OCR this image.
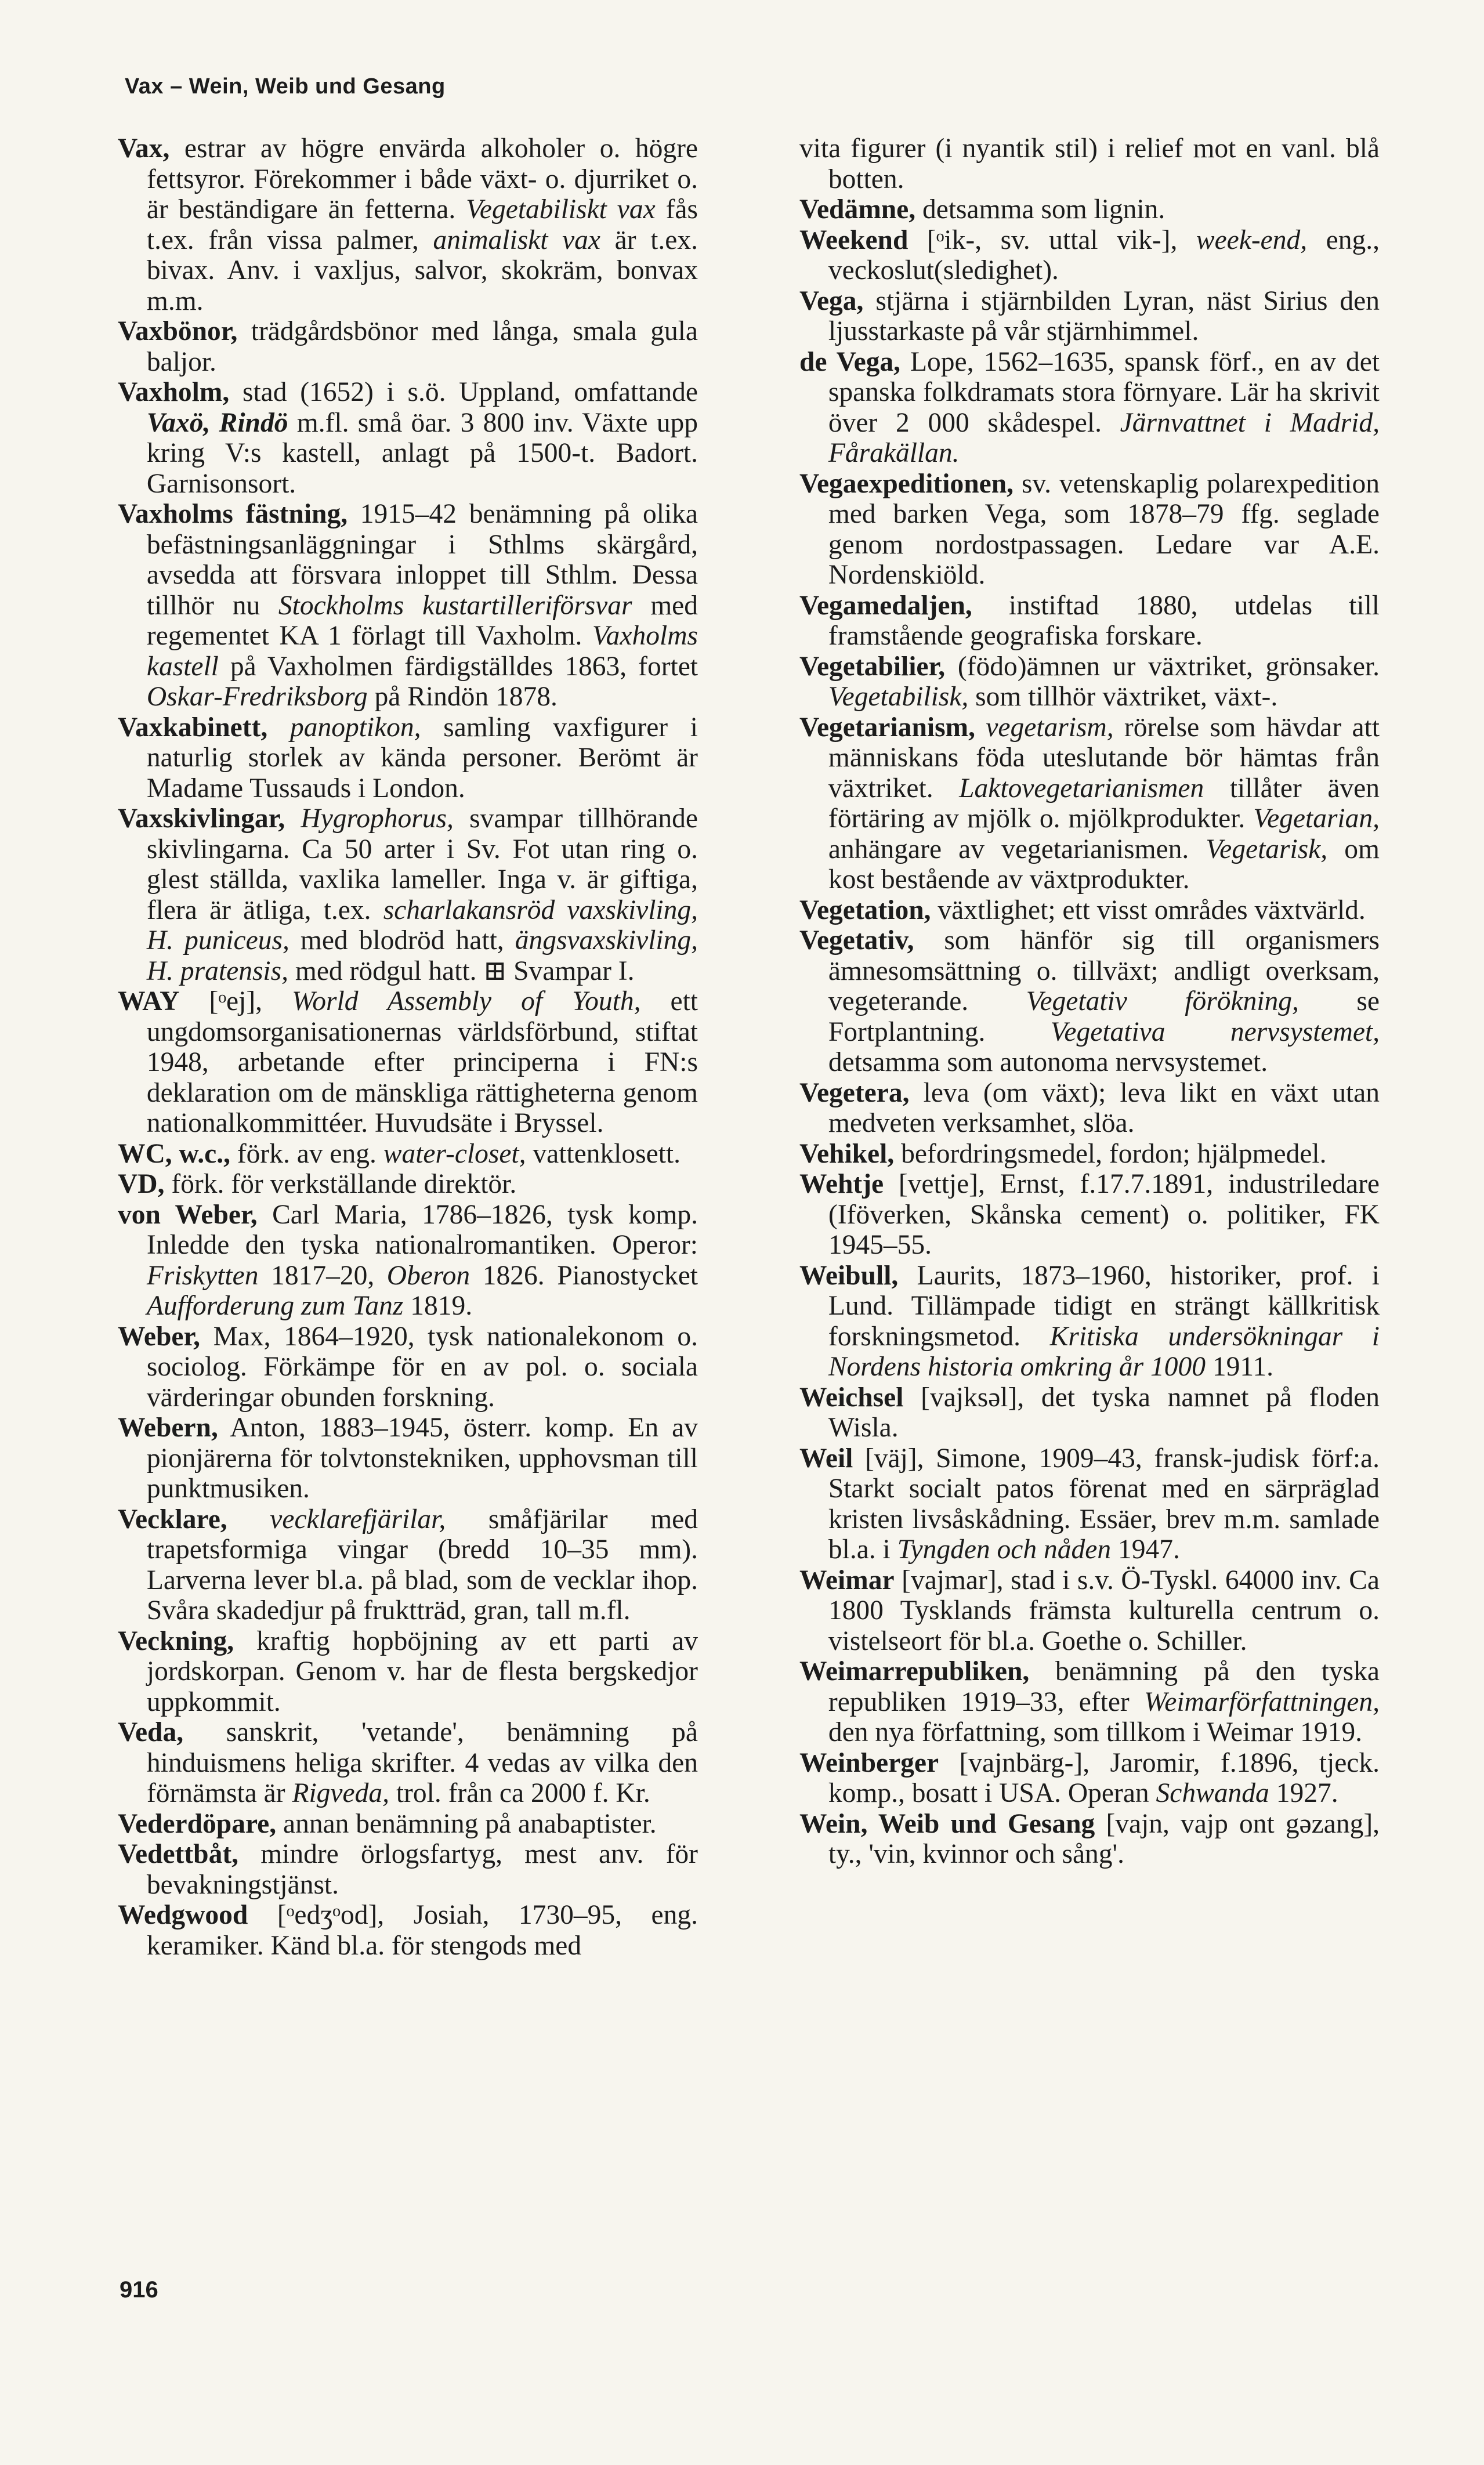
Vax – Wein, Weib und Gesang

Vax, estrar av högre envärda alkoholer o. högre fettsyror. Förekommer i både växt- o. djurriket o. är beständigare än fetterna. Vegetabiliskt vax fås t.ex. från vissa palmer, animaliskt vax är t.ex. bivax. Anv. i vaxljus, salvor, skokräm, bonvax m.m.

Vaxbönor, trädgårdsbönor med långa, smala gula baljor.

Vaxholm, stad (1652) i s.ö. Uppland, omfattande Vaxö, Rindö m.fl. små öar. 3 800 inv. Växte upp kring V:s kastell, anlagt på 1500-t. Badort. Garnisonsort.

Vaxholms fästning, 1915–42 benämning på olika befästningsanläggningar i Sthlms skärgård, avsedda att försvara inloppet till Sthlm. Dessa tillhör nu Stockholms kustartilleriförsvar med regementet KA 1 förlagt till Vaxholm. Vaxholms kastell på Vaxholmen färdigställdes 1863, fortet Oskar-Fredriksborg på Rindön 1878.

Vaxkabinett, panoptikon, samling vaxfigurer i naturlig storlek av kända personer. Berömt är Madame Tussauds i London.

Vaxskivlingar, Hygrophorus, svampar tillhörande skivlingarna. Ca 50 arter i Sv. Fot utan ring o. glest ställda, vaxlika lameller. Inga v. är giftiga, flera är ätliga, t.ex. scharlakansröd vaxskivling, H. puniceus, med blodröd hatt, ängsvaxskivling, H. pratensis, med rödgul hatt. ⊞ Svampar I.

WAY [ᵒej], World Assembly of Youth, ett ungdomsorganisationernas världsförbund, stiftat 1948, arbetande efter principerna i FN:s deklaration om de mänskliga rättigheterna genom nationalkommittéer. Huvudsäte i Bryssel.

WC, w.c., förk. av eng. water-closet, vattenklosett.

VD, förk. för verkställande direktör.

von Weber, Carl Maria, 1786–1826, tysk komp. Inledde den tyska nationalromantiken. Operor: Friskytten 1817–20, Oberon 1826. Pianostycket Aufforderung zum Tanz 1819.

Weber, Max, 1864–1920, tysk nationalekonom o. sociolog. Förkämpe för en av pol. o. sociala värderingar obunden forskning.

Webern, Anton, 1883–1945, österr. komp. En av pionjärerna för tolvtonstekniken, upphovsman till punktmusiken.

Vecklare, vecklarefjärilar, småfjärilar med trapetsformiga vingar (bredd 10–35 mm). Larverna lever bl.a. på blad, som de vecklar ihop. Svåra skadedjur på fruktträd, gran, tall m.fl.

Veckning, kraftig hopböjning av ett parti av jordskorpan. Genom v. har de flesta bergskedjor uppkommit.

Veda, sanskrit, 'vetande', benämning på hinduismens heliga skrifter. 4 vedas av vilka den förnämsta är Rigveda, trol. från ca 2000 f. Kr.

Vederdöpare, annan benämning på anabaptister.

Vedettbåt, mindre örlogsfartyg, mest anv. för bevakningstjänst.

Wedgwood [ᵒedʒᵒod], Josiah, 1730–95, eng. keramiker. Känd bl.a. för stengods med

vita figurer (i nyantik stil) i relief mot en vanl. blå botten.

Vedämne, detsamma som lignin.

Weekend [ᵒik-, sv. uttal vik-], week-end, eng., veckoslut(sledighet).

Vega, stjärna i stjärnbilden Lyran, näst Sirius den ljusstarkaste på vår stjärnhimmel.

de Vega, Lope, 1562–1635, spansk förf., en av det spanska folkdramats stora förnyare. Lär ha skrivit över 2 000 skådespel. Järnvattnet i Madrid, Fårakällan.

Vegaexpeditionen, sv. vetenskaplig polarexpedition med barken Vega, som 1878–79 ffg. seglade genom nordostpassagen. Ledare var A.E. Nordenskiöld.

Vegamedaljen, instiftad 1880, utdelas till framstående geografiska forskare.

Vegetabilier, (födo)ämnen ur växtriket, grönsaker. Vegetabilisk, som tillhör växtriket, växt-.

Vegetarianism, vegetarism, rörelse som hävdar att människans föda uteslutande bör hämtas från växtriket. Laktovegetarianismen tillåter även förtäring av mjölk o. mjölkprodukter. Vegetarian, anhängare av vegetarianismen. Vegetarisk, om kost bestående av växtprodukter.

Vegetation, växtlighet; ett visst områdes växtvärld.

Vegetativ, som hänför sig till organismers ämnesomsättning o. tillväxt; andligt overksam, vegeterande. Vegetativ förökning, se Fortplantning. Vegetativa nervsystemet, detsamma som autonoma nervsystemet.

Vegetera, leva (om växt); leva likt en växt utan medveten verksamhet, slöa.

Vehikel, befordringsmedel, fordon; hjälpmedel.

Wehtje [vettje], Ernst, f.17.7.1891, industriledare (Iföverken, Skånska cement) o. politiker, FK 1945–55.

Weibull, Laurits, 1873–1960, historiker, prof. i Lund. Tillämpade tidigt en strängt källkritisk forskningsmetod. Kritiska undersökningar i Nordens historia omkring år 1000 1911.

Weichsel [vajksəl], det tyska namnet på floden Wisla.

Weil [väj], Simone, 1909–43, fransk-judisk förf:a. Starkt socialt patos förenat med en särpräglad kristen livsåskådning. Essäer, brev m.m. samlade bl.a. i Tyngden och nåden 1947.

Weimar [vajmar], stad i s.v. Ö-Tyskl. 64000 inv. Ca 1800 Tysklands främsta kulturella centrum o. vistelseort för bl.a. Goethe o. Schiller.

Weimarrepubliken, benämning på den tyska republiken 1919–33, efter Weimarförfattningen, den nya författning, som tillkom i Weimar 1919.

Weinberger [vajnbärg-], Jaromir, f.1896, tjeck. komp., bosatt i USA. Operan Schwanda 1927.

Wein, Weib und Gesang [vajn, vajp ont gəzang], ty., 'vin, kvinnor och sång'.

916
